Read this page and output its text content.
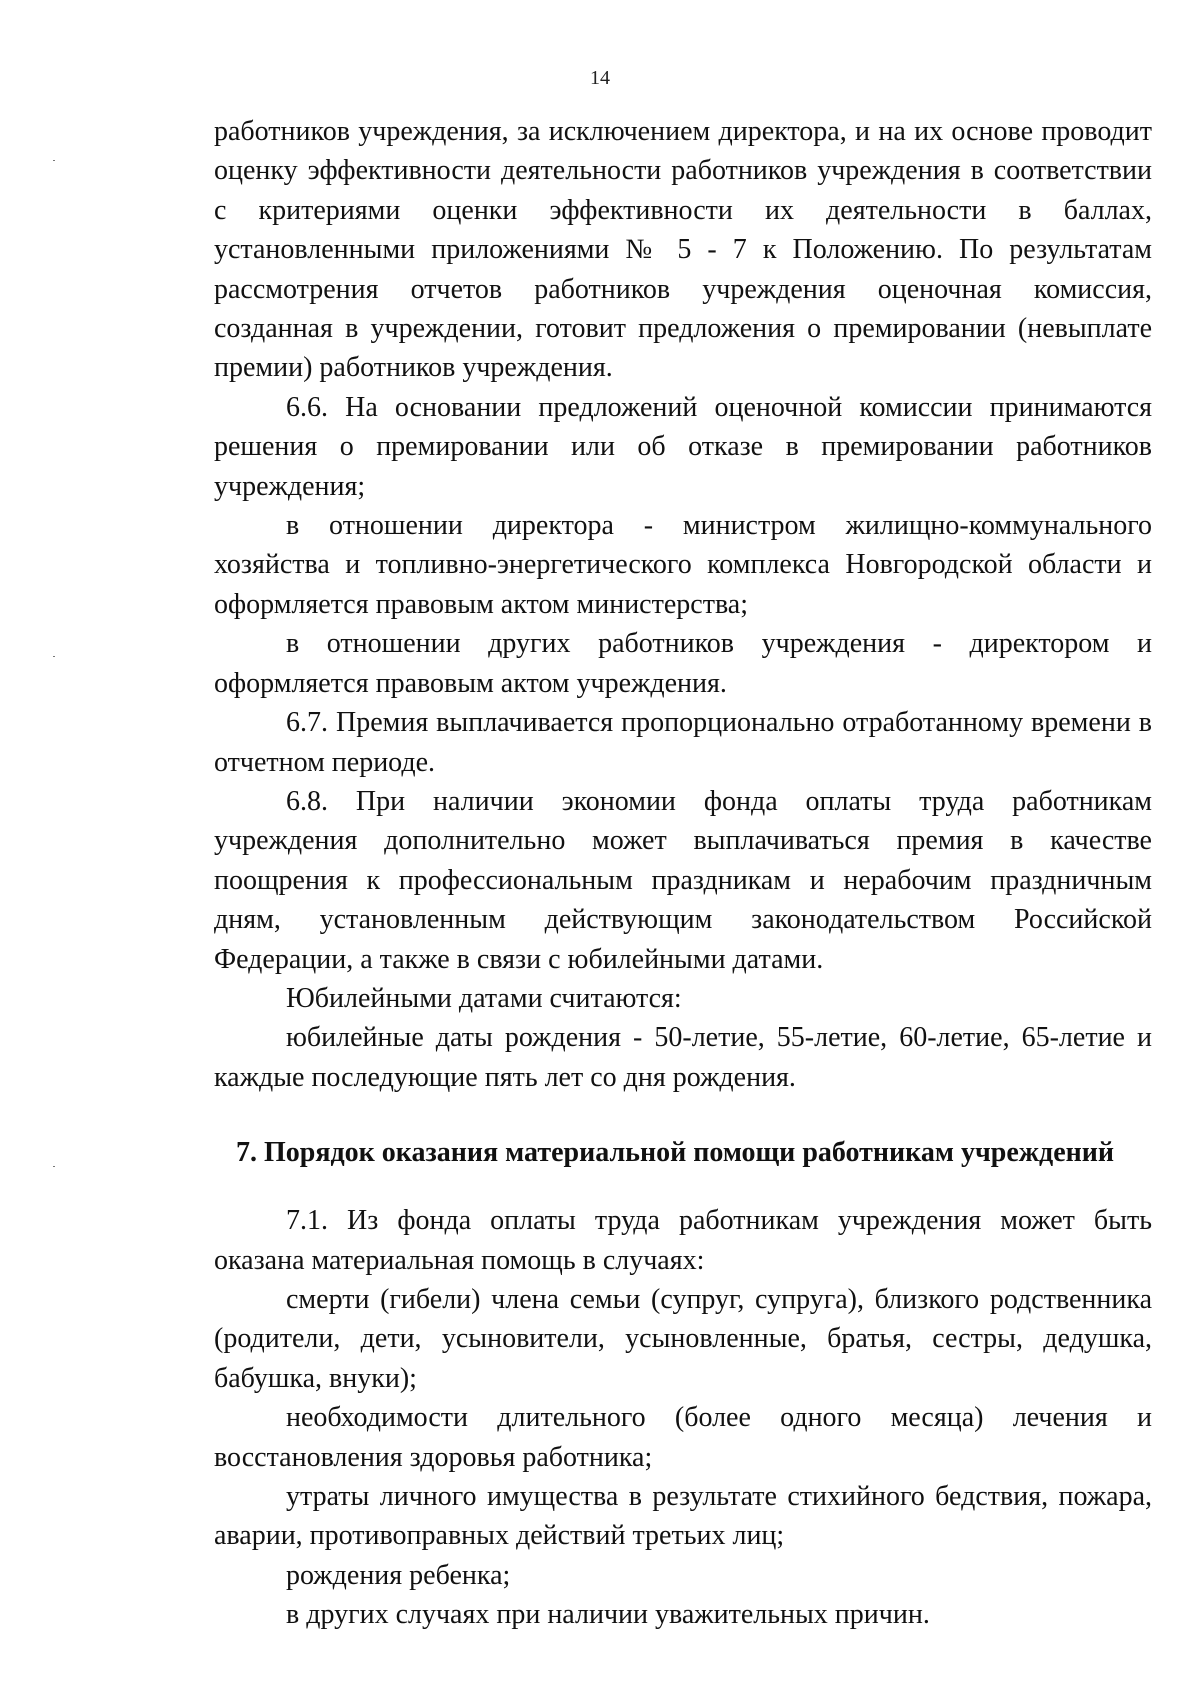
14

работников учреждения, за исключением директора, и на их основе проводит оценку эффективности деятельности работников учреждения в соответствии с критериями оценки эффективности их деятельности в баллах, установленными приложениями № 5 - 7 к Положению. По результатам рассмотрения отчетов работников учреждения оценочная комиссия, созданная в учреждении, готовит предложения о премировании (невыплате премии) работников учреждения.

6.6. На основании предложений оценочной комиссии принимаются решения о премировании или об отказе в премировании работников учреждения;

в отношении директора - министром жилищно-коммунального хозяйства и топливно-энергетического комплекса Новгородской области и оформляется правовым актом министерства;

в отношении других работников учреждения - директором и оформляется правовым актом учреждения.

6.7. Премия выплачивается пропорционально отработанному времени в отчетном периоде.

6.8. При наличии экономии фонда оплаты труда работникам учреждения дополнительно может выплачиваться премия в качестве поощрения к профессиональным праздникам и нерабочим праздничным дням, установленным действующим законодательством Российской Федерации, а также в связи с юбилейными датами.

Юбилейными датами считаются:

юбилейные даты рождения - 50-летие, 55-летие, 60-летие, 65-летие и каждые последующие пять лет со дня рождения.

7. Порядок оказания материальной помощи работникам учреждений

7.1. Из фонда оплаты труда работникам учреждения может быть оказана материальная помощь в случаях:

смерти (гибели) члена семьи (супруг, супруга), близкого родственника (родители, дети, усыновители, усыновленные, братья, сестры, дедушка, бабушка, внуки);

необходимости длительного (более одного месяца) лечения и восстановления здоровья работника;

утраты личного имущества в результате стихийного бедствия, пожара, аварии, противоправных действий третьих лиц;

рождения ребенка;

в других случаях при наличии уважительных причин.
